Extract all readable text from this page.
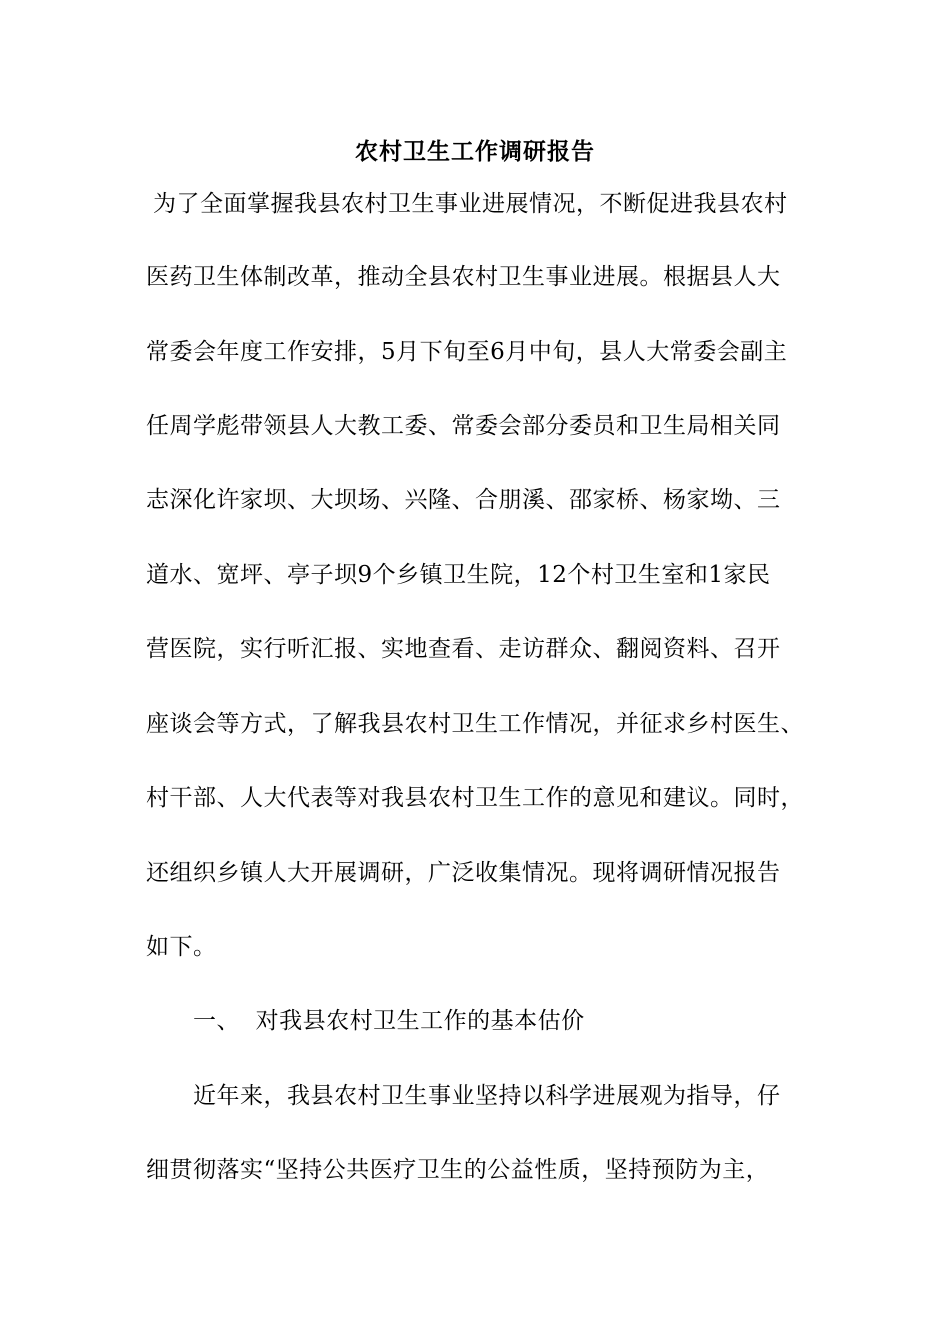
农村卫生工作调研报告
为了全面掌握我县农村卫生事业进展情况，不断促进我县农村
医药卫生体制改革，推动全县农村卫生事业进展。根据县人大
常委会年度工作安排，5月下旬至6月中旬，县人大常委会副主
任周学彪带领县人大教工委、常委会部分委员和卫生局相关同
志深化许家坝、大坝场、兴隆、合朋溪、邵家桥、杨家坳、三
道水、宽坪、亭子坝9个乡镇卫生院，12个村卫生室和1家民
营医院，实行听汇报、实地查看、走访群众、翻阅资料、召开
座谈会等方式，了解我县农村卫生工作情况，并征求乡村医生、
村干部、人大代表等对我县农村卫生工作的意见和建议。同时，
还组织乡镇人大开展调研，广泛收集情况。现将调研情况报告
如下。
一、  对我县农村卫生工作的基本估价
近年来，我县农村卫生事业坚持以科学进展观为指导，仔
细贯彻落实“坚持公共医疗卫生的公益性质，坚持预防为主，
